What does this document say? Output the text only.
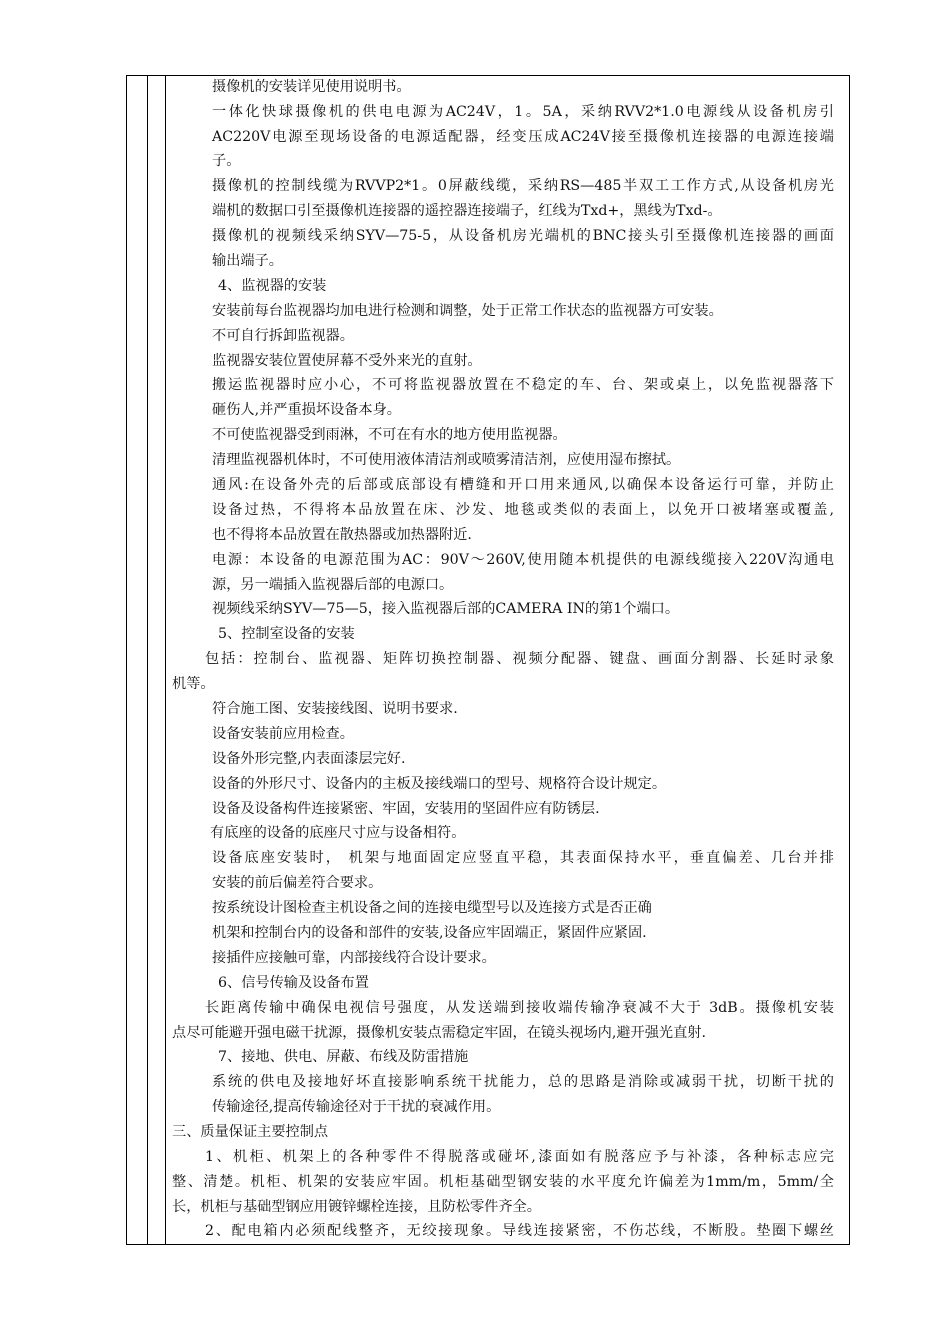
摄像机的安装详见使用说明书。
一体化快球摄像机的供电电源为AC24V，1。5A，采纳RVV2*1.0电源线从设备机房引
AC220V电源至现场设备的电源适配器，经变压成AC24V接至摄像机连接器的电源连接端
子。
摄像机的控制线缆为RVVP2*1。0屏蔽线缆，采纳RS—485半双工工作方式,从设备机房光
端机的数据口引至摄像机连接器的遥控器连接端子，红线为Txd+，黑线为Txd-。
摄像机的视频线采纳SYV—75-5，从设备机房光端机的BNC接头引至摄像机连接器的画面
输出端子。
4、监视器的安装
安装前每台监视器均加电进行检测和调整，处于正常工作状态的监视器方可安装。
不可自行拆卸监视器。
监视器安装位置使屏幕不受外来光的直射。
搬运监视器时应小心，不可将监视器放置在不稳定的车、台、架或桌上，以免监视器落下
砸伤人,并严重损坏设备本身。
不可使监视器受到雨淋，不可在有水的地方使用监视器。
清理监视器机体时，不可使用液体清洁剂或喷雾清洁剂，应使用湿布擦拭。
通风:在设备外壳的后部或底部设有槽缝和开口用来通风,以确保本设备运行可靠，并防止
设备过热，不得将本品放置在床、沙发、地毯或类似的表面上，以免开口被堵塞或覆盖,
也不得将本品放置在散热器或加热器附近.
电源：本设备的电源范围为AC：90V～260V,使用随本机提供的电源线缆接入220V沟通电
源，另一端插入监视器后部的电源口。
视频线采纳SYV—75—5，接入监视器后部的CAMERA IN的第1个端口。
5、控制室设备的安装
包括：控制台、监视器、矩阵切换控制器、视频分配器、键盘、画面分割器、长延时录象
机等。
符合施工图、安装接线图、说明书要求.
设备安装前应用检查。
设备外形完整,内表面漆层完好.
设备的外形尺寸、设备内的主板及接线端口的型号、规格符合设计规定。
设备及设备构件连接紧密、牢固，安装用的坚固件应有防锈层.
有底座的设备的底座尺寸应与设备相符。
设备底座安装时， 机架与地面固定应竖直平稳，其表面保持水平，垂直偏差、几台并排
安装的前后偏差符合要求。
按系统设计图检查主机设备之间的连接电缆型号以及连接方式是否正确
机架和控制台内的设备和部件的安装,设备应牢固端正，紧固件应紧固.
接插件应接触可靠，内部接线符合设计要求。
6、信号传输及设备布置
长距离传输中确保电视信号强度，从发送端到接收端传输净衰减不大于 3dB。摄像机安装
点尽可能避开强电磁干扰源，摄像机安装点需稳定牢固，在镜头视场内,避开强光直射.
7、接地、供电、屏蔽、布线及防雷措施
系统的供电及接地好坏直接影响系统干扰能力，总的思路是消除或减弱干扰，切断干扰的
传输途径,提高传输途径对于干扰的衰减作用。
三、质量保证主要控制点
1、机柜、机架上的各种零件不得脱落或碰坏,漆面如有脱落应予与补漆，各种标志应完
整、清楚。机柜、机架的安装应牢固。机柜基础型钢安装的水平度允许偏差为1mm/m，5mm/全
长，机柜与基础型钢应用镀锌螺栓连接，且防松零件齐全。
2、配电箱内必须配线整齐，无绞接现象。导线连接紧密，不伤芯线，不断股。垫圈下螺丝
